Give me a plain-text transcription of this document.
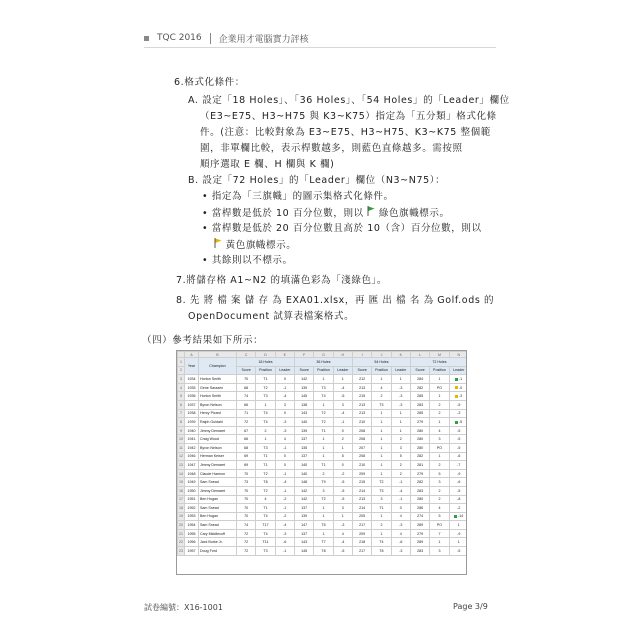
TQC 2016 企業用才電腦實力評核
6.格式化條件：
A. 設定「18 Holes」、「36 Holes」、「54 Holes」的「Leader」欄位
（E3~E75、H3~H75 與 K3~K75）指定為「五分類」格式化條
件。(注意：比較對象為 E3~E75、H3~H75、K3~K75 整個範
圍，非單欄比較，表示桿數越多，則藍色直條越多。需按照
順序選取 E 欄、H 欄與 K 欄)
B. 設定「72 Holes」的「Leader」欄位（N3~N75）：
• 指定為「三旗幟」的圖示集格式化條件。
• 當桿數是低於 10 百分位數，則以 綠色旗幟標示。
• 當桿數是低於 20 百分位數且高於 10（含）百分位數，則以
黃色旗幟標示。
• 其餘則以不標示。
7.將儲存格 A1~N2 的填滿色彩為「淺綠色」。
8. 先 將 檔 案 儲 存 為 EXA01.xlsx，再 匯 出 檔 名 為 Golf.ods 的
OpenDocument 試算表檔案格式。
（四）參考結果如下所示：
	A	B	C	D	E	F	G	H	I	J	K	L	M	N
1	Year	Champion	18 Holes			36 Holes			54 Holes			72 Holes		
2			Score	Position	Leader	Score	Position	Leader	Score	Position	Leader	Score	Position	Leader
3	1934	Horton Smith	70	T1	0	142	1	1	212	1	1	284	1	-1
4	1935	Gene Sarazen	68	T2	-1	139	T3	-4	213	4	-3	282	PO	-0
5	1936	Horton Smith	74	T3	-4	145	T4	-5	215	2	-3	285	1	-3
6	1937	Byron Nelson	66	1	3	138	1	3	213	T3	-3	283	2	-5
7	1938	Henry Picard	71	T4	0	143	T2	-4	213	1	1	285	2	-3
8	1939	Ralph Guldahl	72	T4	-3	140	T2	-1	210	1	1	279	1	-5
9	1940	Jimmy Demaret	67	2	-3	139	T1	0	208	1	1	280	4	-5
10	1941	Craig Wood	66	1	4	137	1	2	208	1	2	280	3	-5
11	1942	Byron Nelson	68	T3	-1	135	1	1	207	1	3	280	PO	-5
12	1946	Herman Keiser	69	T1	0	137	1	5	208	1	5	282	1	-6
13	1947	Jimmy Demaret	69	T1	0	140	T1	0	210	1	2	281	2	-7
14	1948	Claude Harmon	70	T2	-1	140	2	-2	209	1	2	279	5	-9
15	1949	Sam Snead	73	T8	-4	148	T9	-5	215	T2	-1	282	3	-6
16	1950	Jimmy Demaret	70	T2	-1	142	3	-5	214	T3	-4	283	2	-5
17	1951	Ben Hogan	70	4	-2	142	T2	-5	213	3	-1	280	2	-8
18	1952	Sam Snead	70	T1	-1	137	1	3	214	T1	0	286	4	-2
19	1953	Ben Hogan	70	T4	-2	139	1	1	205	1	4	274	5	-14
20	1954	Sam Snead	74	T17	-4	147	T5	-3	217	2	-3	289	PO	1
21	1955	Cary Middlecoff	72	T4	-3	137	1	4	209	1	4	279	7	-9
22	1956	Jack Burke Jr.	72	T11	-6	143	T7	-4	218	T4	-6	289	1	1
23	1957	Doug Ford	72	T3	-1	145	T8	-5	217	T8	-3	283	3	-5
試卷編號：X16-1001	Page 3/9
